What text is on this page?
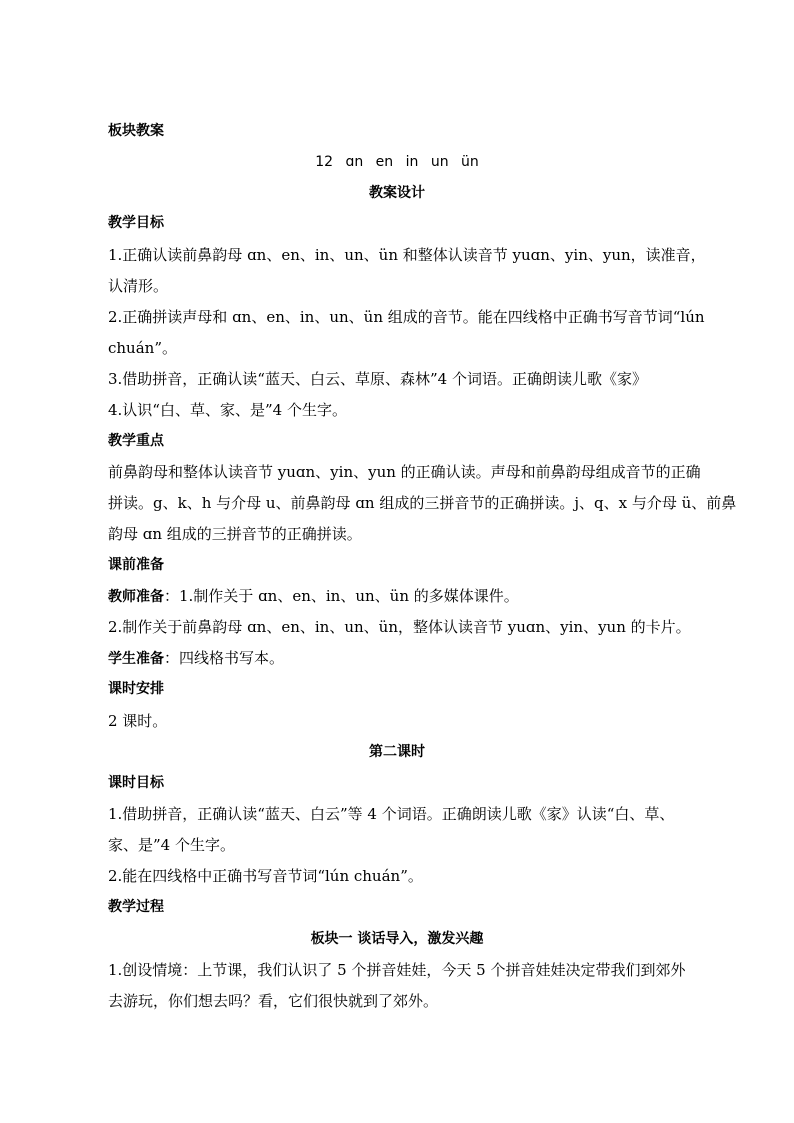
板块教案
12 ɑn en in un ün
教案设计
教学目标
1.正确认读前鼻韵母 ɑn、en、in、un、ün 和整体认读音节 yuɑn、yin、yun，读准音，
认清形。
2.正确拼读声母和 ɑn、en、in、un、ün 组成的音节。能在四线格中正确书写音节词“lún
chuán”。
3.借助拼音，正确认读“蓝天、白云、草原、森林”4 个词语。正确朗读儿歌《家》
4.认识“白、草、家、是”4 个生字。
教学重点
前鼻韵母和整体认读音节 yuɑn、yin、yun 的正确认读。声母和前鼻韵母组成音节的正确
拼读。g、k、h 与介母 u、前鼻韵母 ɑn 组成的三拼音节的正确拼读。j、q、x 与介母 ü、前鼻
韵母 ɑn 组成的三拼音节的正确拼读。
课前准备
教师准备：1.制作关于 ɑn、en、in、un、ün 的多媒体课件。
2.制作关于前鼻韵母 ɑn、en、in、un、ün，整体认读音节 yuɑn、yin、yun 的卡片。
学生准备：四线格书写本。
课时安排
2 课时。
第二课时
课时目标
1.借助拼音，正确认读“蓝天、白云”等 4 个词语。正确朗读儿歌《家》认读“白、草、
家、是”4 个生字。
2.能在四线格中正确书写音节词“lún chuán”。
教学过程
板块一 谈话导入，激发兴趣
1.创设情境：上节课，我们认识了 5 个拼音娃娃，今天 5 个拼音娃娃决定带我们到郊外
去游玩，你们想去吗？看，它们很快就到了郊外。
